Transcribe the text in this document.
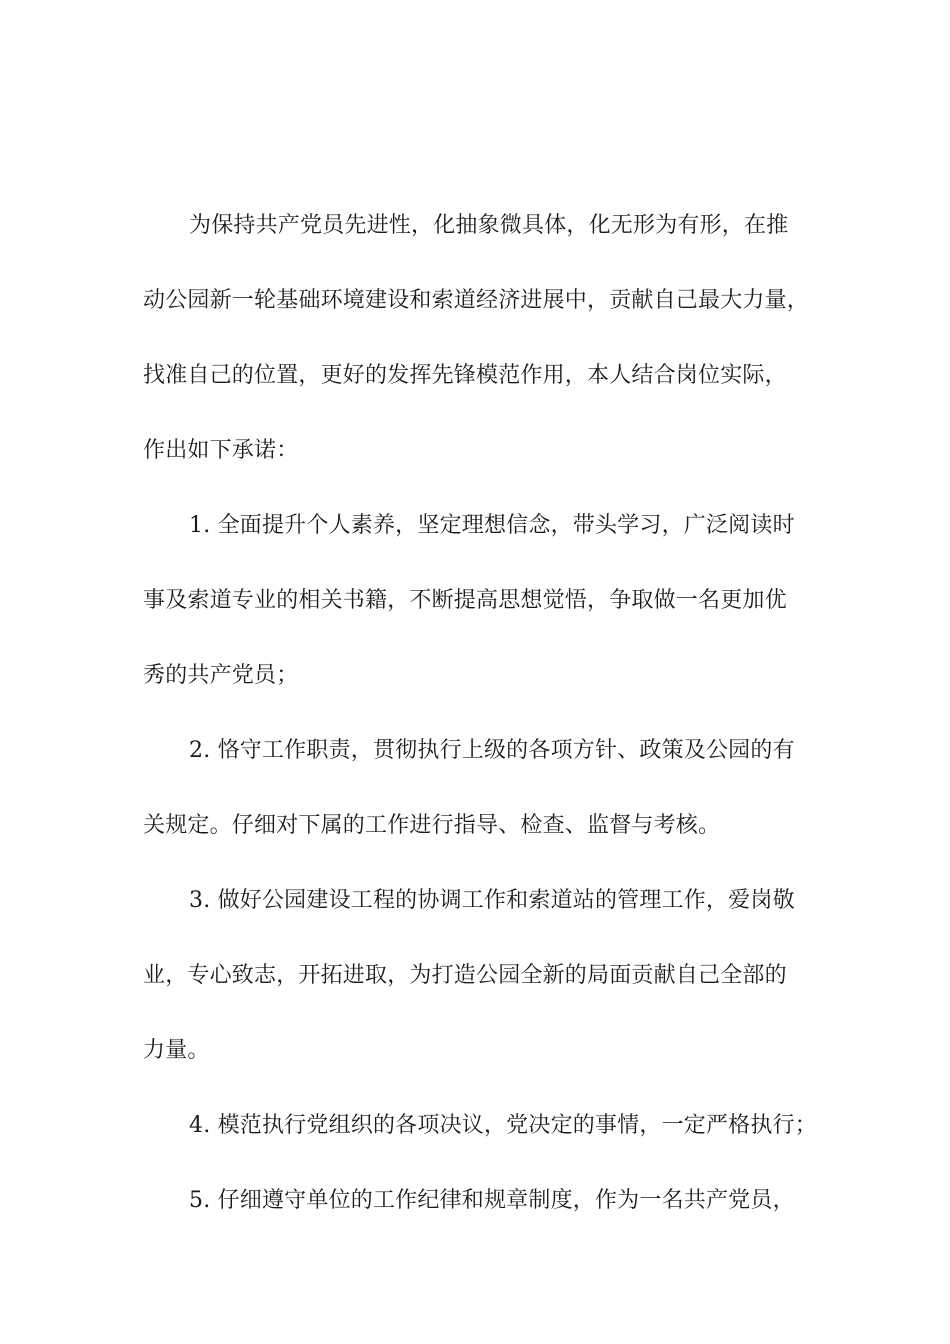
为保持共产党员先进性，化抽象微具体，化无形为有形，在推
动公园新一轮基础环境建设和索道经济进展中，贡献自己最大力量，
找准自己的位置，更好的发挥先锋模范作用，本人结合岗位实际，
作出如下承诺：
1. 全面提升个人素养，坚定理想信念，带头学习，广泛阅读时
事及索道专业的相关书籍，不断提高思想觉悟，争取做一名更加优
秀的共产党员；
2. 恪守工作职责，贯彻执行上级的各项方针、政策及公园的有
关规定。仔细对下属的工作进行指导、检查、监督与考核。
3. 做好公园建设工程的协调工作和索道站的管理工作，爱岗敬
业，专心致志，开拓进取，为打造公园全新的局面贡献自己全部的
力量。
4. 模范执行党组织的各项决议，党决定的事情，一定严格执行；
5. 仔细遵守单位的工作纪律和规章制度，作为一名共产党员，
